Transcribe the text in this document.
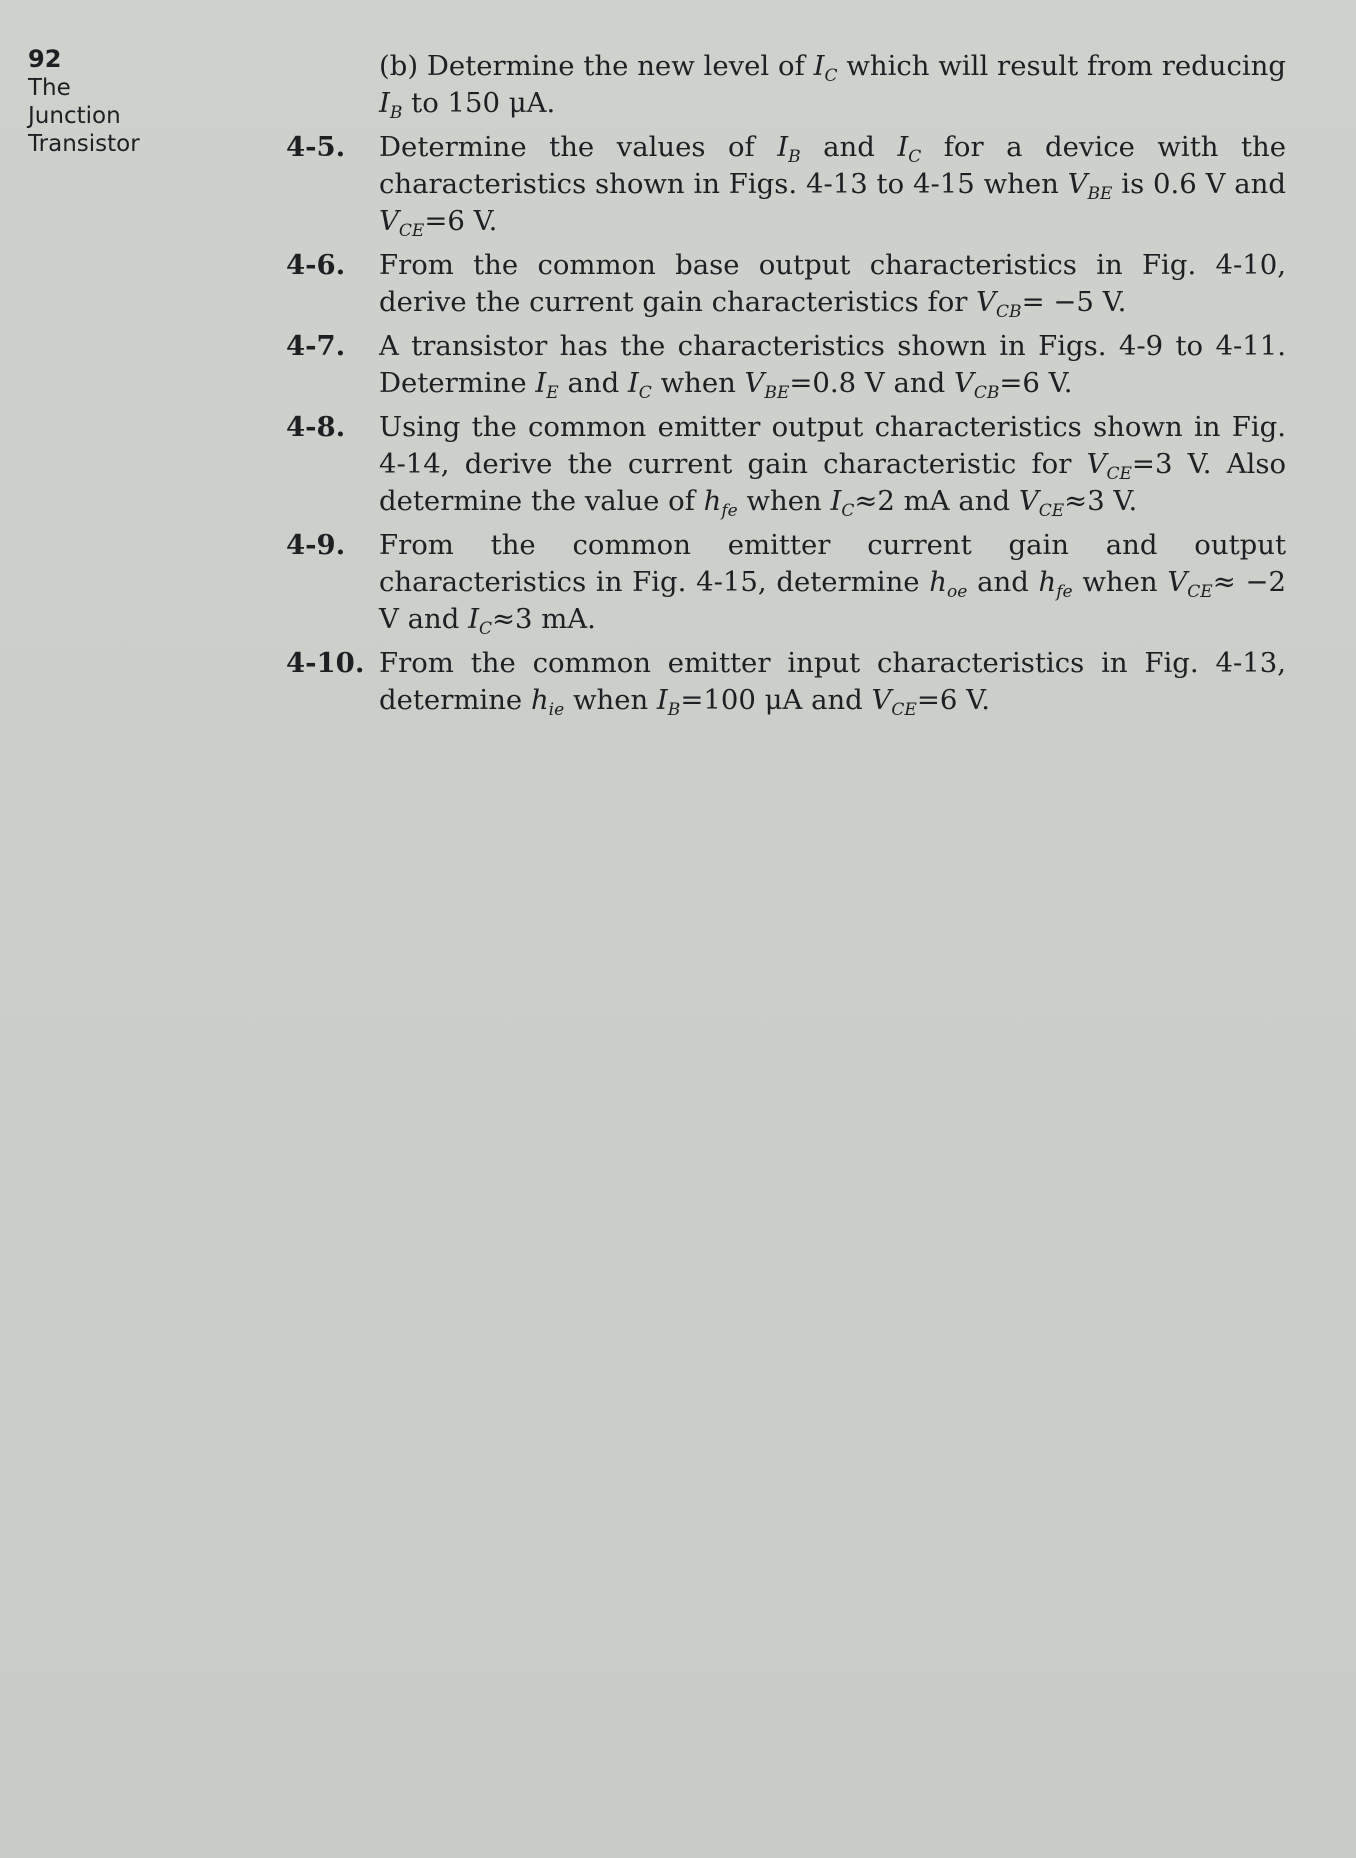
92
The
Junction
Transistor
(b) Determine the new level of $I_C$ which will result from reducing $I_B$ to 150 μA.
4-5. Determine the values of $I_B$ and $I_C$ for a device with the characteristics shown in Figs. 4-13 to 4-15 when $V_{BE}$ is 0.6 V and $V_{CE}=6$ V.
4-6. From the common base output characteristics in Fig. 4-10, derive the current gain characteristics for $V_{CB}= -5$ V.
4-7. A transistor has the characteristics shown in Figs. 4-9 to 4-11. Determine $I_E$ and $I_C$ when $V_{BE}=0.8$ V and $V_{CB}=6$ V.
4-8. Using the common emitter output characteristics shown in Fig. 4-14, derive the current gain characteristic for $V_{CE}=3$ V. Also determine the value of $h_{fe}$ when $I_C\approx 2$ mA and $V_{CE}\approx 3$ V.
4-9. From the common emitter current gain and output characteristics in Fig. 4-15, determine $h_{oe}$ and $h_{fe}$ when $V_{CE}\approx -2$ V and $I_C\approx 3$ mA.
4-10. From the common emitter input characteristics in Fig. 4-13, determine $h_{ie}$ when $I_B=100$ μA and $V_{CE}=6$ V.
